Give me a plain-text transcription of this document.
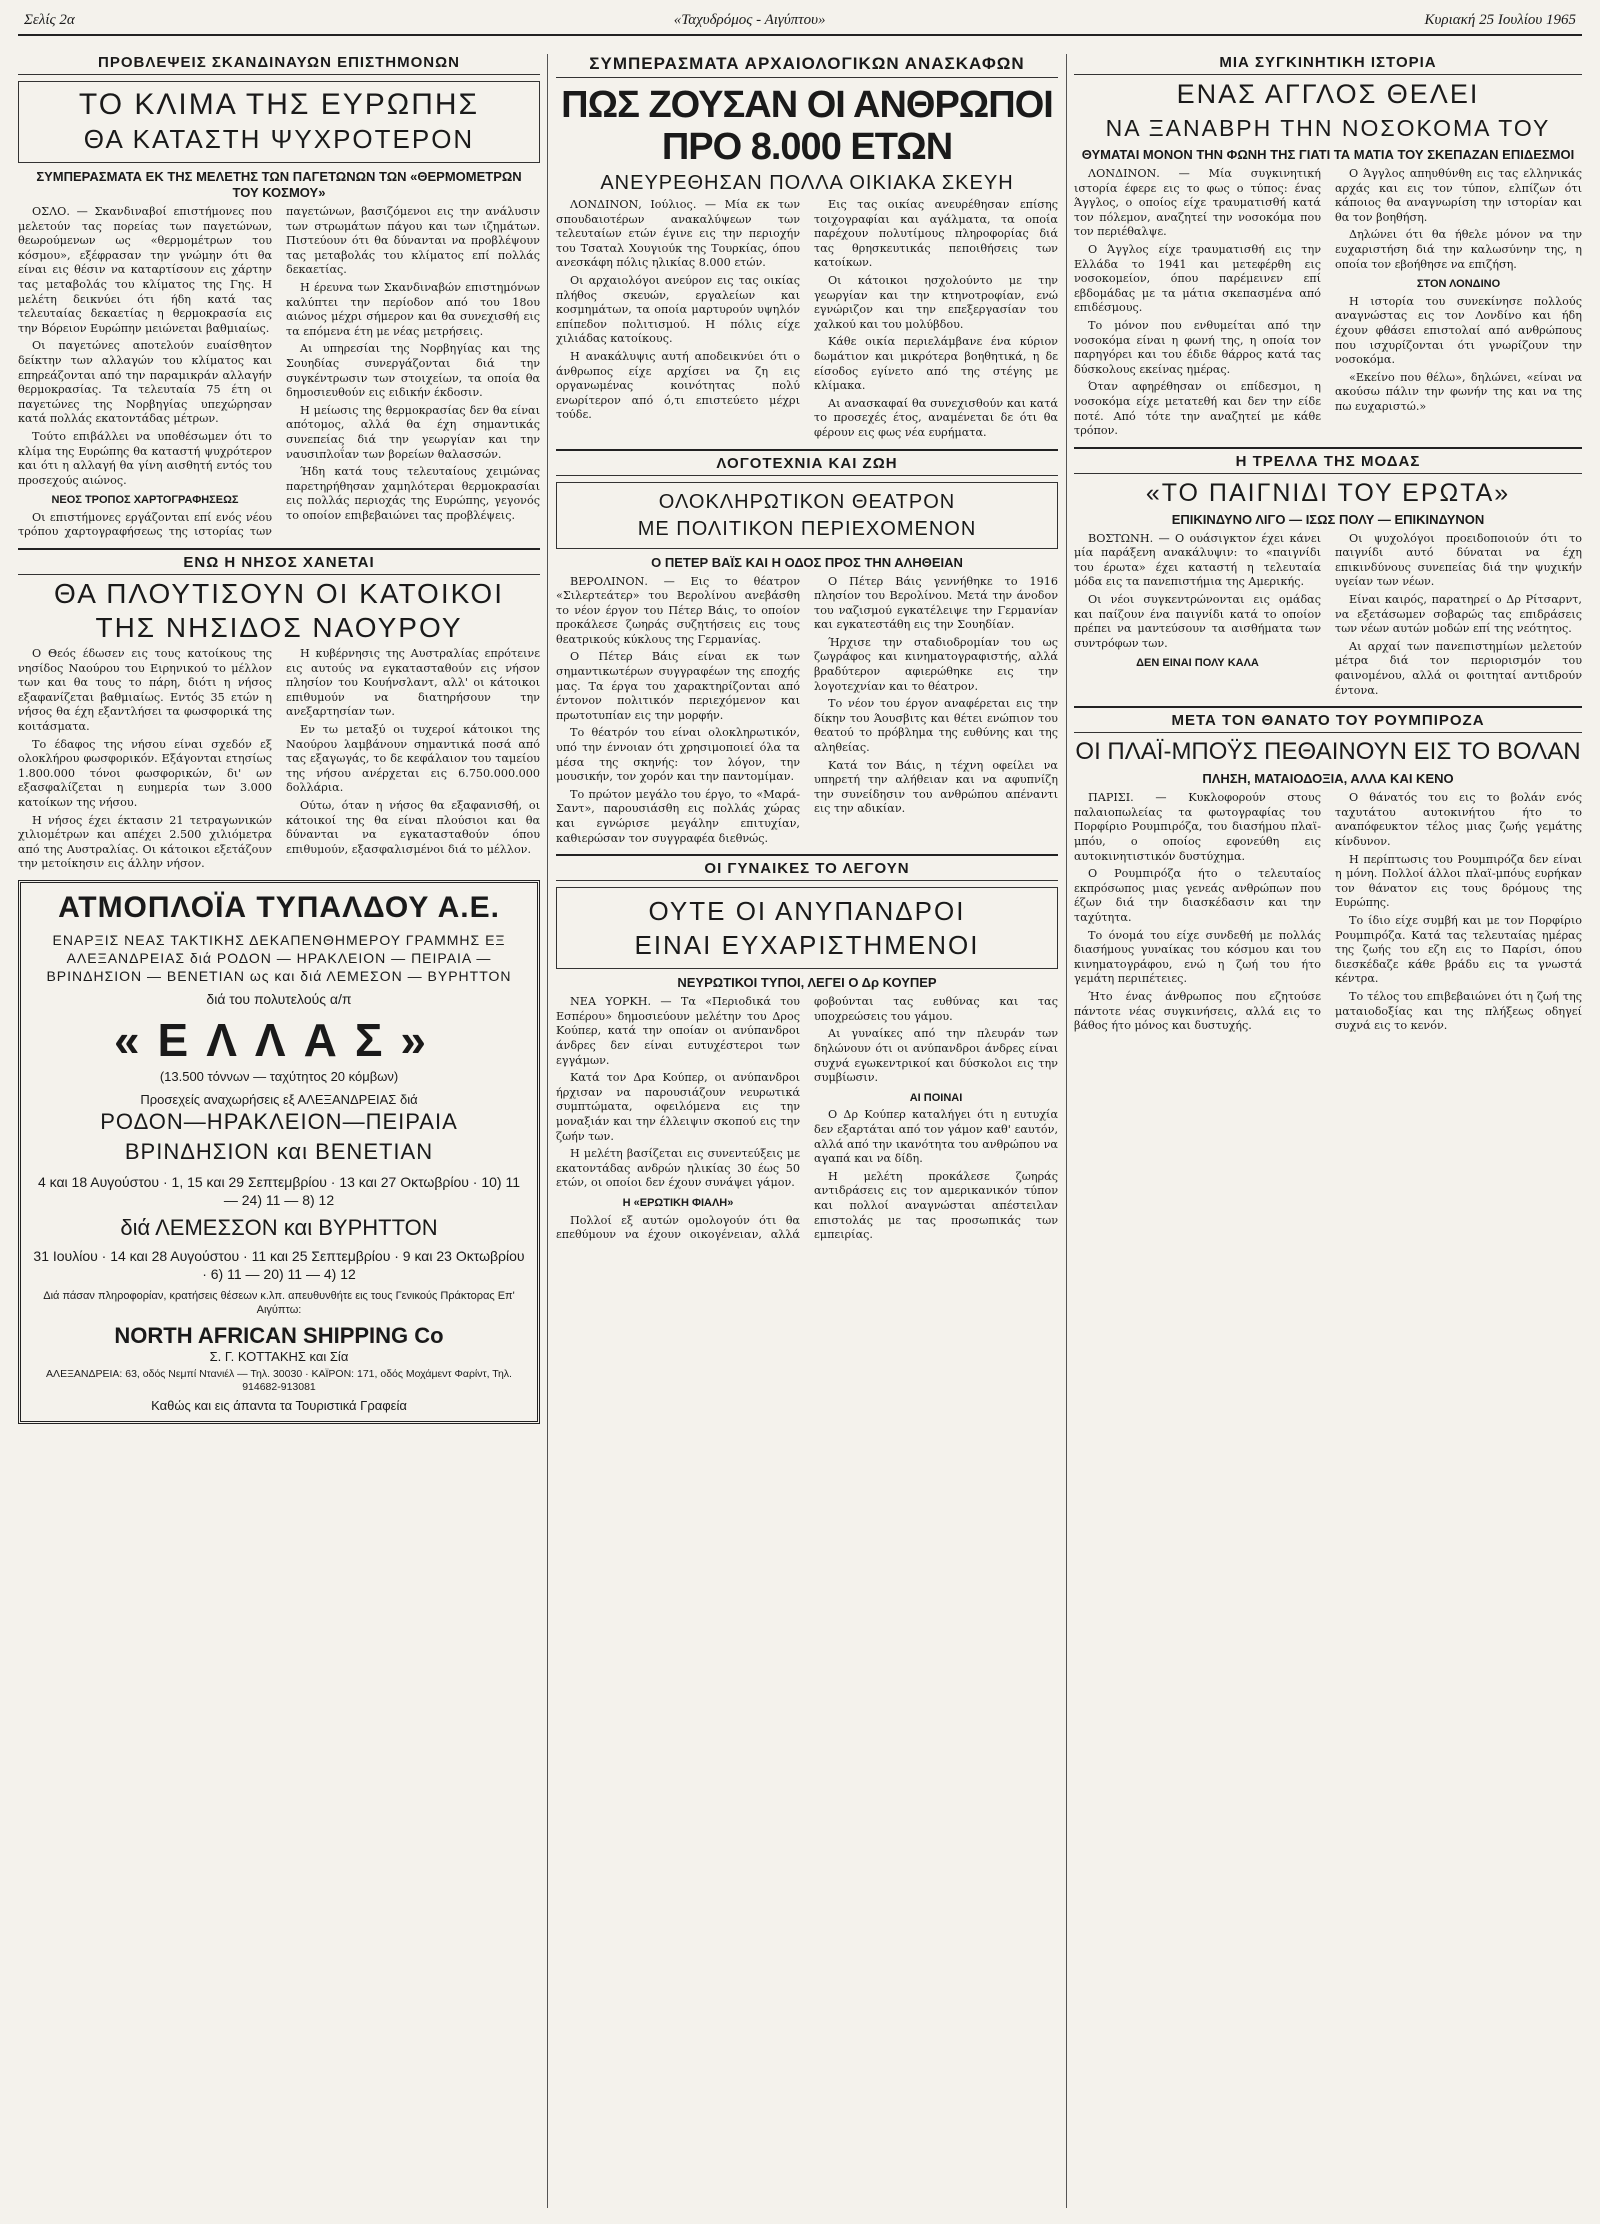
Σελίς 2α	«Ταχυδρόμος - Αιγύπτου»	Κυριακή 25 Ιουλίου 1965
ΠΡΟΒΛΕΨΕΙΣ ΣΚΑΝΔΙΝΑΥΩΝ ΕΠΙΣΤΗΜΟΝΩΝ
ΤΟ ΚΛΙΜΑ ΤΗΣ ΕΥΡΩΠΗΣ
ΘΑ ΚΑΤΑΣΤΗ ΨΥΧΡΟΤΕΡΟΝ
ΣΥΜΠΕΡΑΣΜΑΤΑ ΕΚ ΤΗΣ ΜΕΛΕΤΗΣ ΤΩΝ ΠΑΓΕΤΩΝΩΝ ΤΩΝ «ΘΕΡΜΟΜΕΤΡΩΝ ΤΟΥ ΚΟΣΜΟΥ»

ΟΣΛΟ. — Σκανδιναβοί επιστήμονες που μελετούν τας πορείας των παγετώνων, θεωρούμενων ως «θερμομέτρων του κόσμου», εξέφρασαν την γνώμην ότι θα είναι εις θέσιν να καταρτίσουν εις χάρτην τας μεταβολάς του κλίματος της Γης. Η μελέτη δεικνύει ότι ήδη κατά τας τελευταίας δεκαετίας η θερμοκρασία εις την Βόρειον Ευρώπην μειώνεται βαθμιαίως.

Οι παγετώνες αποτελούν ευαίσθητον δείκτην των αλλαγών του κλίματος και επηρεάζονται από την παραμικράν αλλαγήν θερμοκρασίας. Τα τελευταία 75 έτη οι παγετώνες της Νορβηγίας υπεχώρησαν κατά πολλάς εκατοντάδας μέτρων.

Τούτο επιβάλλει να υποθέσωμεν ότι το κλίμα της Ευρώπης θα καταστή ψυχρότερον και ότι η αλλαγή θα γίνη αισθητή εντός του προσεχούς αιώνος.

ΝΕΟΣ ΤΡΟΠΟΣ ΧΑΡΤΟΓΡΑΦΗΣΕΩΣ

Οι επιστήμονες εργάζονται επί ενός νέου τρόπου χαρτογραφήσεως της ιστορίας των παγετώνων, βασιζόμενοι εις την ανάλυσιν των στρωμάτων πάγου και των ιζημάτων. Πιστεύουν ότι θα δύνανται να προβλέψουν τας μεταβολάς του κλίματος επί πολλάς δεκαετίας.

Η έρευνα των Σκανδιναβών επιστημόνων καλύπτει την περίοδον από του 18ου αιώνος μέχρι σήμερον και θα συνεχισθή εις τα επόμενα έτη με νέας μετρήσεις.

Αι υπηρεσίαι της Νορβηγίας και της Σουηδίας συνεργάζονται διά την συγκέντρωσιν των στοιχείων, τα οποία θα δημοσιευθούν εις ειδικήν έκδοσιν.

Η μείωσις της θερμοκρασίας δεν θα είναι απότομος, αλλά θα έχη σημαντικάς συνεπείας διά την γεωργίαν και την ναυσιπλοΐαν των βορείων θαλασσών.

Ήδη κατά τους τελευταίους χειμώνας παρετηρήθησαν χαμηλότεραι θερμοκρασίαι εις πολλάς περιοχάς της Ευρώπης, γεγονός το οποίον επιβεβαιώνει τας προβλέψεις.

ΕΝΩ Η ΝΗΣΟΣ ΧΑΝΕΤΑΙ
ΘΑ ΠΛΟΥΤΙΣΟΥΝ ΟΙ ΚΑΤΟΙΚΟΙ
ΤΗΣ ΝΗΣΙΔΟΣ ΝΑΟΥΡΟΥ

Ο Θεός έδωσεν εις τους κατοίκους της νησίδος Ναούρου του Ειρηνικού το μέλλον των και θα τους το πάρη, διότι η νήσος εξαφανίζεται βαθμιαίως. Εντός 35 ετών η νήσος θα έχη εξαντλήσει τα φωσφορικά της κοιτάσματα.

Το έδαφος της νήσου είναι σχεδόν εξ ολοκλήρου φωσφορικόν. Εξάγονται ετησίως 1.800.000 τόνοι φωσφορικών, δι' ων εξασφαλίζεται η ευημερία των 3.000 κατοίκων της νήσου.

Η νήσος έχει έκτασιν 21 τετραγωνικών χιλιομέτρων και απέχει 2.500 χιλιόμετρα από της Αυστραλίας. Οι κάτοικοι εξετάζουν την μετοίκησιν εις άλλην νήσον.

Η κυβέρνησις της Αυστραλίας επρότεινε εις αυτούς να εγκατασταθούν εις νήσον πλησίον του Κουήνσλαντ, αλλ' οι κάτοικοι επιθυμούν να διατηρήσουν την ανεξαρτησίαν των.

Εν τω μεταξύ οι τυχεροί κάτοικοι της Ναούρου λαμβάνουν σημαντικά ποσά από τας εξαγωγάς, το δε κεφάλαιον του ταμείου της νήσου ανέρχεται εις 6.750.000.000 δολλάρια.

Ούτω, όταν η νήσος θα εξαφανισθή, οι κάτοικοί της θα είναι πλούσιοι και θα δύνανται να εγκατασταθούν όπου επιθυμούν, εξασφαλισμένοι διά το μέλλον.

ΑΤΜΟΠΛΟΪΑ ΤΥΠΑΛΔΟΥ Α.Ε.
ΕΝΑΡΞΙΣ ΝΕΑΣ ΤΑΚΤΙΚΗΣ ΔΕΚΑΠΕΝΘΗΜΕΡΟΥ ΓΡΑΜΜΗΣ ΕΞ ΑΛΕΞΑΝΔΡΕΙΑΣ διά ΡΟΔΟΝ — ΗΡΑΚΛΕΙΟΝ — ΠΕΙΡΑΙΑ — ΒΡΙΝΔΗΣΙΟΝ — ΒΕΝΕΤΙΑΝ ως και διά ΛΕΜΕΣΟΝ — ΒΥΡΗΤΤΟΝ
διά του πολυτελούς α/π
«ΕΛΛΑΣ»
(13.500 τόννων — ταχύτητος 20 κόμβων)
Προσεχείς αναχωρήσεις εξ ΑΛΕΞΑΝΔΡΕΙΑΣ διά
ΡΟΔΟΝ—ΗΡΑΚΛΕΙΟΝ—ΠΕΙΡΑΙΑ ΒΡΙΝΔΗΣΙΟΝ και ΒΕΝΕΤΙΑΝ
4 και 18 Αυγούστου · 1, 15 και 29 Σεπτεμβρίου · 13 και 27 Οκτωβρίου · 10) 11 — 24) 11 — 8) 12
διά ΛΕΜΕΣΣΟΝ και ΒΥΡΗΤΤΟΝ
31 Ιουλίου · 14 και 28 Αυγούστου · 11 και 25 Σεπτεμβρίου · 9 και 23 Οκτωβρίου · 6) 11 — 20) 11 — 4) 12
Διά πάσαν πληροφορίαν, κρατήσεις θέσεων κ.λπ. απευθυνθήτε εις τους Γενικούς Πράκτορας Επ' Αιγύπτω:
NORTH AFRICAN SHIPPING Co
Σ. Γ. ΚΟΤΤΑΚΗΣ και Σία
ΑΛΕΞΑΝΔΡΕΙΑ: 63, οδός Νεμπί Ντανιέλ — Τηλ. 30030 · ΚΑΪΡΟΝ: 171, οδός Μοχάμεντ Φαρίντ, Τηλ. 914682-913081
Καθώς και εις άπαντα τα Τουριστικά Γραφεία
ΣΥΜΠΕΡΑΣΜΑΤΑ ΑΡΧΑΙΟΛΟΓΙΚΩΝ ΑΝΑΣΚΑΦΩΝ
ΠΩΣ ΖΟΥΣΑΝ ΟΙ ΑΝΘΡΩΠΟΙ ΠΡΟ 8.000 ΕΤΩΝ
ΑΝΕΥΡΕΘΗΣΑΝ ΠΟΛΛΑ ΟΙΚΙΑΚΑ ΣΚΕΥΗ

ΛΟΝΔΙΝΟΝ, Ιούλιος. — Μία εκ των σπουδαιοτέρων ανακαλύψεων των τελευταίων ετών έγινε εις την περιοχήν του Τσαταλ Χουγιούκ της Τουρκίας, όπου ανεσκάφη πόλις ηλικίας 8.000 ετών.

Οι αρχαιολόγοι ανεύρον εις τας οικίας πλήθος σκευών, εργαλείων και κοσμημάτων, τα οποία μαρτυρούν υψηλόν επίπεδον πολιτισμού. Η πόλις είχε χιλιάδας κατοίκους.

Η ανακάλυψις αυτή αποδεικνύει ότι ο άνθρωπος είχε αρχίσει να ζη εις οργανωμένας κοινότητας πολύ ενωρίτερον από ό,τι επιστεύετο μέχρι τούδε.

Εις τας οικίας ανευρέθησαν επίσης τοιχογραφίαι και αγάλματα, τα οποία παρέχουν πολυτίμους πληροφορίας διά τας θρησκευτικάς πεποιθήσεις των κατοίκων.

Οι κάτοικοι ησχολούντο με την γεωργίαν και την κτηνοτροφίαν, ενώ εγνώριζον και την επεξεργασίαν του χαλκού και του μολύβδου.

Κάθε οικία περιελάμβανε ένα κύριον δωμάτιον και μικρότερα βοηθητικά, η δε είσοδος εγίνετο από της στέγης με κλίμακα.

Αι ανασκαφαί θα συνεχισθούν και κατά το προσεχές έτος, αναμένεται δε ότι θα φέρουν εις φως νέα ευρήματα.

ΛΟΓΟΤΕΧΝΙΑ ΚΑΙ ΖΩΗ
ΟΛΟΚΛΗΡΩΤΙΚΟΝ ΘΕΑΤΡΟΝ
ΜΕ ΠΟΛΙΤΙΚΟΝ ΠΕΡΙΕΧΟΜΕΝΟΝ
Ο ΠΕΤΕΡ ΒΑΪΣ ΚΑΙ Η ΟΔΟΣ ΠΡΟΣ ΤΗΝ ΑΛΗΘΕΙΑΝ

ΒΕΡΟΛΙΝΟΝ. — Εις το θέατρον «Σιλερτεάτερ» του Βερολίνου ανεβάσθη το νέον έργον του Πέτερ Βάις, το οποίον προκάλεσε ζωηράς συζητήσεις εις τους θεατρικούς κύκλους της Γερμανίας.

Ο Πέτερ Βάις είναι εκ των σημαντικωτέρων συγγραφέων της εποχής μας. Τα έργα του χαρακτηρίζονται από έντονον πολιτικόν περιεχόμενον και πρωτοτυπίαν εις την μορφήν.

Το θέατρόν του είναι ολοκληρωτικόν, υπό την έννοιαν ότι χρησιμοποιεί όλα τα μέσα της σκηνής: τον λόγον, την μουσικήν, τον χορόν και την παντομίμαν.

Το πρώτον μεγάλο του έργο, το «Μαρά-Σαντ», παρουσιάσθη εις πολλάς χώρας και εγνώρισε μεγάλην επιτυχίαν, καθιερώσαν τον συγγραφέα διεθνώς.

Ο Πέτερ Βάις γεννήθηκε το 1916 πλησίον του Βερολίνου. Μετά την άνοδον του ναζισμού εγκατέλειψε την Γερμανίαν και εγκατεστάθη εις την Σουηδίαν.

Ήρχισε την σταδιοδρομίαν του ως ζωγράφος και κινηματογραφιστής, αλλά βραδύτερον αφιερώθηκε εις την λογοτεχνίαν και το θέατρον.

Το νέον του έργον αναφέρεται εις την δίκην του Άουσβιτς και θέτει ενώπιον του θεατού το πρόβλημα της ευθύνης και της αληθείας.

Κατά τον Βάις, η τέχνη οφείλει να υπηρετή την αλήθειαν και να αφυπνίζη την συνείδησιν του ανθρώπου απέναντι εις την αδικίαν.

ΟΙ ΓΥΝΑΙΚΕΣ ΤΟ ΛΕΓΟΥΝ
ΟΥΤΕ ΟΙ ΑΝΥΠΑΝΔΡΟΙ
ΕΙΝΑΙ ΕΥΧΑΡΙΣΤΗΜΕΝΟΙ
ΝΕΥΡΩΤΙΚΟΙ ΤΥΠΟΙ, ΛΕΓΕΙ Ο Δρ ΚΟΥΠΕΡ

ΝΕΑ ΥΟΡΚΗ. — Τα «Περιοδικά του Εσπέρου» δημοσιεύουν μελέτην του Δρος Κούπερ, κατά την οποίαν οι ανύπανδροι άνδρες δεν είναι ευτυχέστεροι των εγγάμων.

Κατά τον Δρα Κούπερ, οι ανύπανδροι ήρχισαν να παρουσιάζουν νευρωτικά συμπτώματα, οφειλόμενα εις την μοναξιάν και την έλλειψιν σκοπού εις την ζωήν των.

Η μελέτη βασίζεται εις συνεντεύξεις με εκατοντάδας ανδρών ηλικίας 30 έως 50 ετών, οι οποίοι δεν έχουν συνάψει γάμον.

Η «ΕΡΩΤΙΚΗ ΦΙΑΛΗ»

Πολλοί εξ αυτών ομολογούν ότι θα επεθύμουν να έχουν οικογένειαν, αλλά φοβούνται τας ευθύνας και τας υποχρεώσεις του γάμου.

Αι γυναίκες από την πλευράν των δηλώνουν ότι οι ανύπανδροι άνδρες είναι συχνά εγωκεντρικοί και δύσκολοι εις την συμβίωσιν.

ΑΙ ΠΟΙΝΑΙ

Ο Δρ Κούπερ καταλήγει ότι η ευτυχία δεν εξαρτάται από τον γάμον καθ' εαυτόν, αλλά από την ικανότητα του ανθρώπου να αγαπά και να δίδη.

Η μελέτη προκάλεσε ζωηράς αντιδράσεις εις τον αμερικανικόν τύπον και πολλοί αναγνώσται απέστειλαν επιστολάς με τας προσωπικάς των εμπειρίας.

ΜΙΑ ΣΥΓΚΙΝΗΤΙΚΗ ΙΣΤΟΡΙΑ
ΕΝΑΣ ΑΓΓΛΟΣ ΘΕΛΕΙ
ΝΑ ΞΑΝΑΒΡΗ ΤΗΝ ΝΟΣΟΚΟΜΑ ΤΟΥ
ΘΥΜΑΤΑΙ ΜΟΝΟΝ ΤΗΝ ΦΩΝΗ ΤΗΣ ΓΙΑΤΙ ΤΑ ΜΑΤΙΑ ΤΟΥ ΣΚΕΠΑΖΑΝ ΕΠΙΔΕΣΜΟΙ

ΛΟΝΔΙΝΟΝ. — Μία συγκινητική ιστορία έφερε εις το φως ο τύπος: ένας Άγγλος, ο οποίος είχε τραυματισθή κατά τον πόλεμον, αναζητεί την νοσοκόμα που τον περιέθαλψε.

Ο Άγγλος είχε τραυματισθή εις την Ελλάδα το 1941 και μετεφέρθη εις νοσοκομείον, όπου παρέμεινεν επί εβδομάδας με τα μάτια σκεπασμένα από επιδέσμους.

Το μόνον που ενθυμείται από την νοσοκόμα είναι η φωνή της, η οποία τον παρηγόρει και του έδιδε θάρρος κατά τας δύσκολους εκείνας ημέρας.

Όταν αφηρέθησαν οι επίδεσμοι, η νοσοκόμα είχε μετατεθή και δεν την είδε ποτέ. Από τότε την αναζητεί με κάθε τρόπον.

Ο Άγγλος απηυθύνθη εις τας ελληνικάς αρχάς και εις τον τύπον, ελπίζων ότι κάποιος θα αναγνωρίση την ιστορίαν και θα τον βοηθήση.

Δηλώνει ότι θα ήθελε μόνον να την ευχαριστήση διά την καλωσύνην της, η οποία τον εβοήθησε να επιζήση.

ΣΤΟΝ ΛΟΝΔΙΝΟ

Η ιστορία του συνεκίνησε πολλούς αναγνώστας εις τον Λονδίνο και ήδη έχουν φθάσει επιστολαί από ανθρώπους που ισχυρίζονται ότι γνωρίζουν την νοσοκόμα.

«Εκείνο που θέλω», δηλώνει, «είναι να ακούσω πάλιν την φωνήν της και να της πω ευχαριστώ.»

Η ΤΡΕΛΛΑ ΤΗΣ ΜΟΔΑΣ
«ΤΟ ΠΑΙΓΝΙΔΙ ΤΟΥ ΕΡΩΤΑ»
ΕΠΙΚΙΝΔΥΝΟ ΛΙΓΟ — ΙΣΩΣ ΠΟΛΥ — ΕΠΙΚΙΝΔΥΝΟΝ

ΒΟΣΤΩΝΗ. — Ο ουάσιγκτον έχει κάνει μία παράξενη ανακάλυψιν: το «παιγνίδι του έρωτα» έχει καταστή η τελευταία μόδα εις τα πανεπιστήμια της Αμερικής.

Οι νέοι συγκεντρώνονται εις ομάδας και παίζουν ένα παιγνίδι κατά το οποίον πρέπει να μαντεύσουν τα αισθήματα των συντρόφων των.

ΔΕΝ ΕΙΝΑΙ ΠΟΛΥ ΚΑΛΑ

Οι ψυχολόγοι προειδοποιούν ότι το παιγνίδι αυτό δύναται να έχη επικινδύνους συνεπείας διά την ψυχικήν υγείαν των νέων.

Είναι καιρός, παρατηρεί ο Δρ Ρίτσαρντ, να εξετάσωμεν σοβαρώς τας επιδράσεις των νέων αυτών μοδών επί της νεότητος.

Αι αρχαί των πανεπιστημίων μελετούν μέτρα διά τον περιορισμόν του φαινομένου, αλλά οι φοιτηταί αντιδρούν έντονα.

ΜΕΤΑ ΤΟΝ ΘΑΝΑΤΟ ΤΟΥ ΡΟΥΜΠΙΡΟΖΑ
ΟΙ ΠΛΑΪ-ΜΠΟΫΣ ΠΕΘΑΙΝΟΥΝ ΕΙΣ ΤΟ ΒΟΛΑΝ
ΠΛΗΣΗ, ΜΑΤΑΙΟΔΟΞΙΑ, ΑΛΛΑ ΚΑΙ ΚΕΝΟ

ΠΑΡΙΣΙ. — Κυκλοφορούν στους παλαιοπωλείας τα φωτογραφίας του Πορφίριο Ρουμπιρόζα, του διασήμου πλαϊ-μπόυ, ο οποίος εφονεύθη εις αυτοκινητιστικόν δυστύχημα.

Ο Ρουμπιρόζα ήτο ο τελευταίος εκπρόσωπος μιας γενεάς ανθρώπων που έζων διά την διασκέδασιν και την ταχύτητα.

Το όνομά του είχε συνδεθή με πολλάς διασήμους γυναίκας του κόσμου και του κινηματογράφου, ενώ η ζωή του ήτο γεμάτη περιπέτειες.

Ήτο ένας άνθρωπος που εζητούσε πάντοτε νέας συγκινήσεις, αλλά εις το βάθος ήτο μόνος και δυστυχής.

Ο θάνατός του εις το βολάν ενός ταχυτάτου αυτοκινήτου ήτο το αναπόφευκτον τέλος μιας ζωής γεμάτης κίνδυνον.

Η περίπτωσις του Ρουμπιρόζα δεν είναι η μόνη. Πολλοί άλλοι πλαϊ-μπόυς ευρήκαν τον θάνατον εις τους δρόμους της Ευρώπης.

Το ίδιο είχε συμβή και με τον Πορφίριο Ρουμπιρόζα. Κατά τας τελευταίας ημέρας της ζωής του εζη εις το Παρίσι, όπου διεσκέδαζε κάθε βράδυ εις τα γνωστά κέντρα.

Το τέλος του επιβεβαιώνει ότι η ζωή της ματαιοδοξίας και της πλήξεως οδηγεί συχνά εις το κενόν.
